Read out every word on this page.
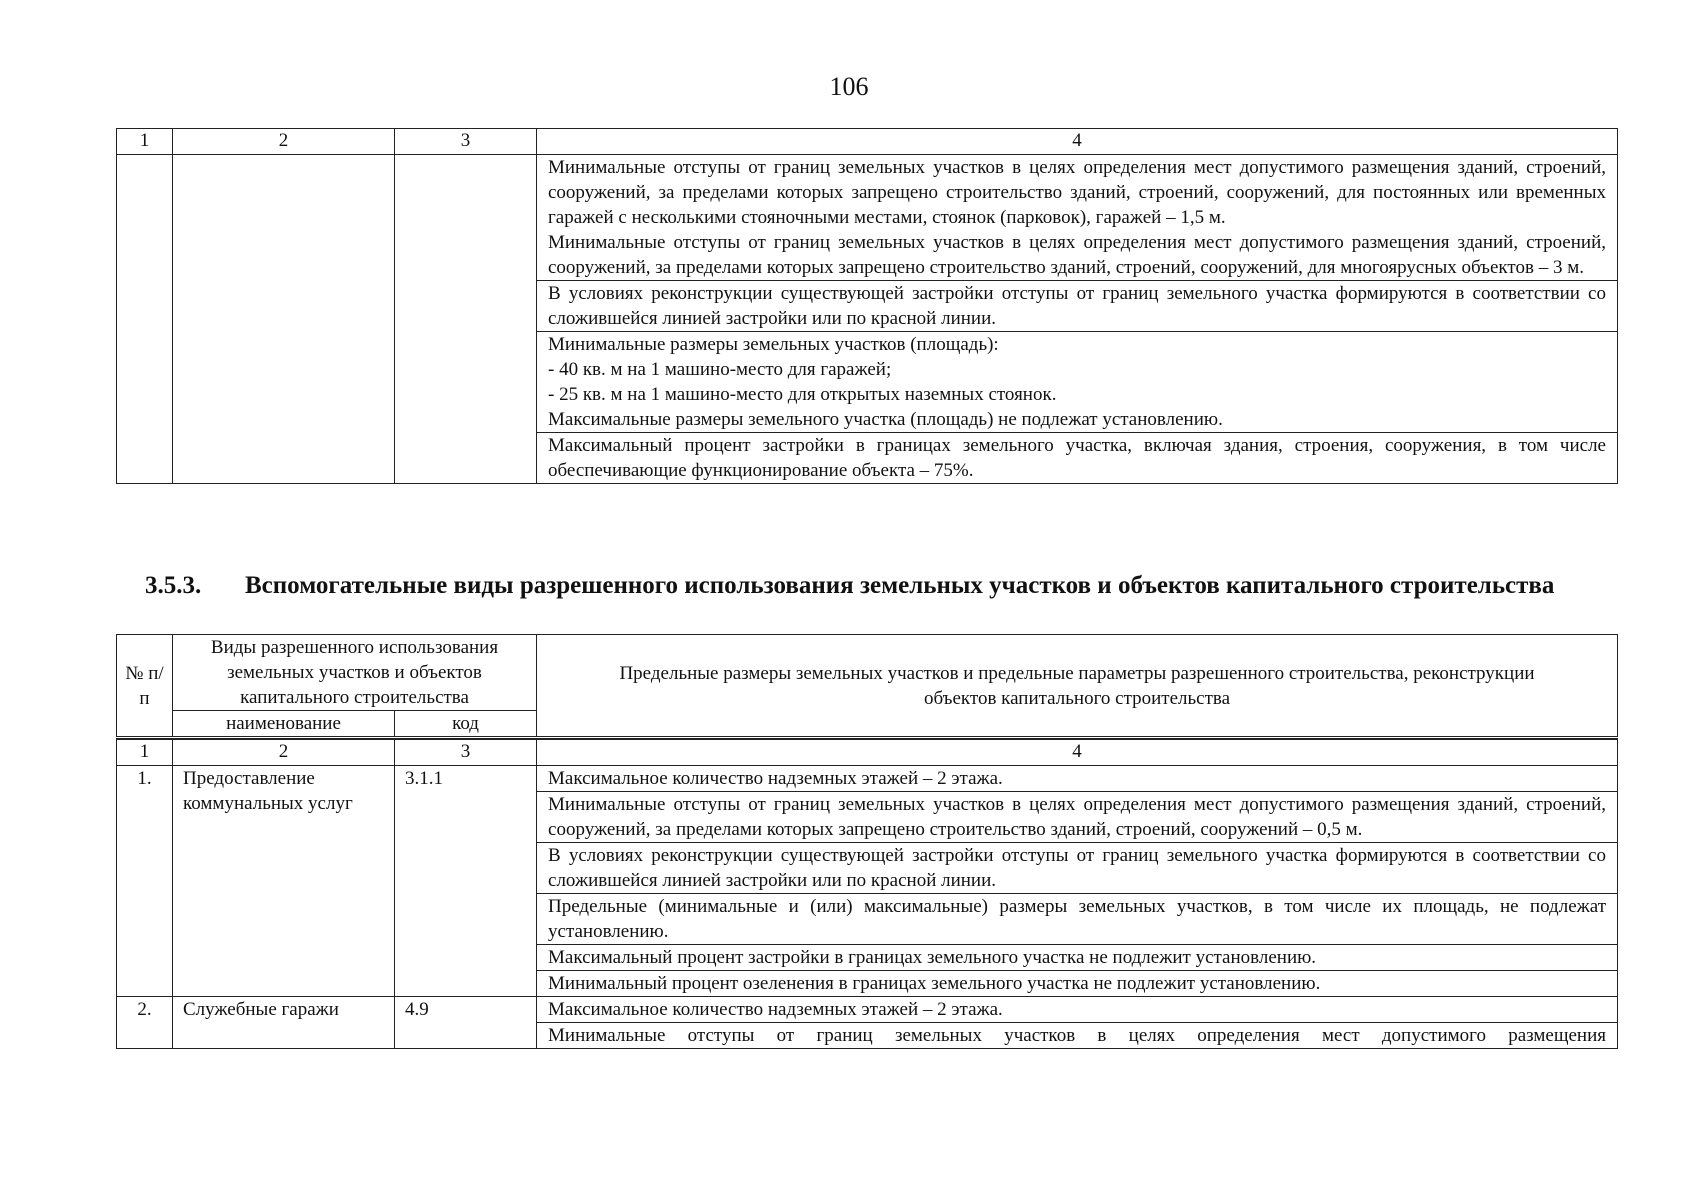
106
1	2	3	4

			Минимальные отступы от границ земельных участков в целях определения мест допустимого размещения зданий, строений, сооружений, за пределами которых запрещено строительство зданий, строений, сооружений, для постоянных или временных гаражей с несколькими стояночными местами, стоянок (парковок), гаражей – 1,5 м.
Минимальные отступы от границ земельных участков в целях определения мест допустимого размещения зданий, строений, сооружений, за пределами которых запрещено строительство зданий, строений, сооружений, для многоярусных объектов – 3 м.

			В условиях реконструкции существующей застройки отступы от границ земельного участка формируются в соответствии со сложившейся линией застройки или по красной линии.

			Минимальные размеры земельных участков (площадь):
- 40 кв. м на 1 машино-место для гаражей;
- 25 кв. м на 1 машино-место для открытых наземных стоянок.
Максимальные размеры земельного участка (площадь) не подлежат установлению.

			Максимальный процент застройки в границах земельного участка, включая здания, строения, сооружения, в том числе обеспечивающие функционирование объекта – 75%.
3.5.3.	Вспомогательные виды разрешенного использования земельных участков и объектов капитального строительства
№ п/п	Виды разрешенного использования земельных участков и объектов капитального строительства		Предельные размеры земельных участков и предельные параметры разрешенного строительства, реконструкции объектов капитального строительства
	наименование	код	

1	2	3	4
1.	Предоставление коммунальных услуг	3.1.1	Максимальное количество надземных этажей – 2 этажа.
			Минимальные отступы от границ земельных участков в целях определения мест допустимого размещения зданий, строений, сооружений, за пределами которых запрещено строительство зданий, строений, сооружений – 0,5 м.
			В условиях реконструкции существующей застройки отступы от границ земельного участка формируются в соответствии со сложившейся линией застройки или по красной линии.
			Предельные (минимальные и (или) максимальные) размеры земельных участков, в том числе их площадь, не подлежат установлению.
			Максимальный процент застройки в границах земельного участка не подлежит установлению.
			Минимальный процент озеленения в границах земельного участка не подлежит установлению.
2.	Служебные гаражи	4.9	Максимальное количество надземных этажей – 2 этажа.
			Минимальные отступы от границ земельных участков в целях определения мест допустимого размещения
